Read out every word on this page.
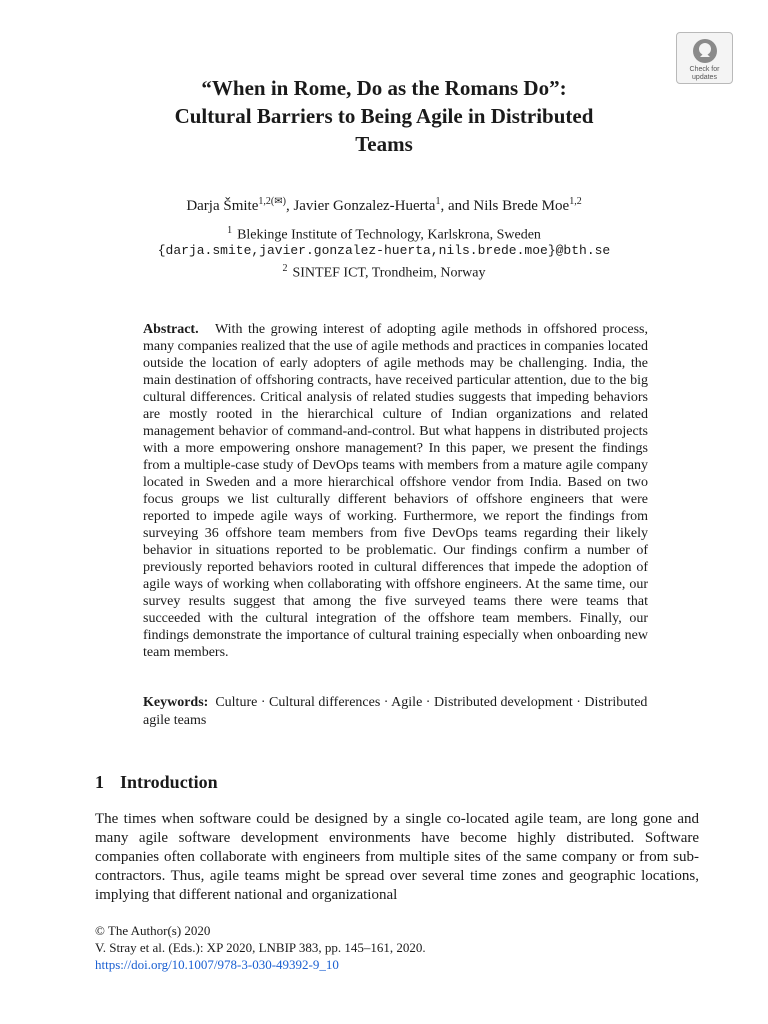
Check for
updates
“When in Rome, Do as the Romans Do”:
Cultural Barriers to Being Agile in Distributed
Teams
Darja Šmite$^{1,2(✉)}$, Javier Gonzalez-Huerta$^1$, and Nils Brede Moe$^{1,2}$
$^1$ Blekinge Institute of Technology, Karlskrona, Sweden
{darja.smite,javier.gonzalez-huerta,nils.brede.moe}@bth.se
$^2$ SINTEF ICT, Trondheim, Norway

Abstract. With the growing interest of adopting agile methods in offshored process, many companies realized that the use of agile methods and practices in companies located outside the location of early adopters of agile methods may be challenging. India, the main destination of offshoring contracts, have received particular attention, due to the big cultural differences. Critical analysis of related studies suggests that impeding behaviors are mostly rooted in the hierarchical culture of Indian organizations and related management behavior of command-and-control. But what happens in distributed projects with a more empowering onshore management? In this paper, we present the findings from a multiple-case study of DevOps teams with members from a mature agile company located in Sweden and a more hierarchical offshore vendor from India. Based on two focus groups we list culturally different behaviors of offshore engineers that were reported to impede agile ways of working. Furthermore, we report the findings from surveying 36 offshore team members from five DevOps teams regarding their likely behavior in situations reported to be problematic. Our findings confirm a number of previously reported behaviors rooted in cultural differences that impede the adoption of agile ways of working when collaborating with offshore engineers. At the same time, our survey results suggest that among the five surveyed teams there were teams that succeeded with the cultural integration of the offshore team members. Finally, our findings demonstrate the importance of cultural training especially when onboarding new team members.

Keywords: Culture · Cultural differences · Agile · Distributed development · Distributed agile teams

1 Introduction

The times when software could be designed by a single co-located agile team, are long gone and many agile software development environments have become highly distributed. Software companies often collaborate with engineers from multiple sites of the same company or from sub-contractors. Thus, agile teams might be spread over several time zones and geographic locations, implying that different national and organizational

© The Author(s) 2020
V. Stray et al. (Eds.): XP 2020, LNBIP 383, pp. 145–161, 2020.
https://doi.org/10.1007/978-3-030-49392-9_10
